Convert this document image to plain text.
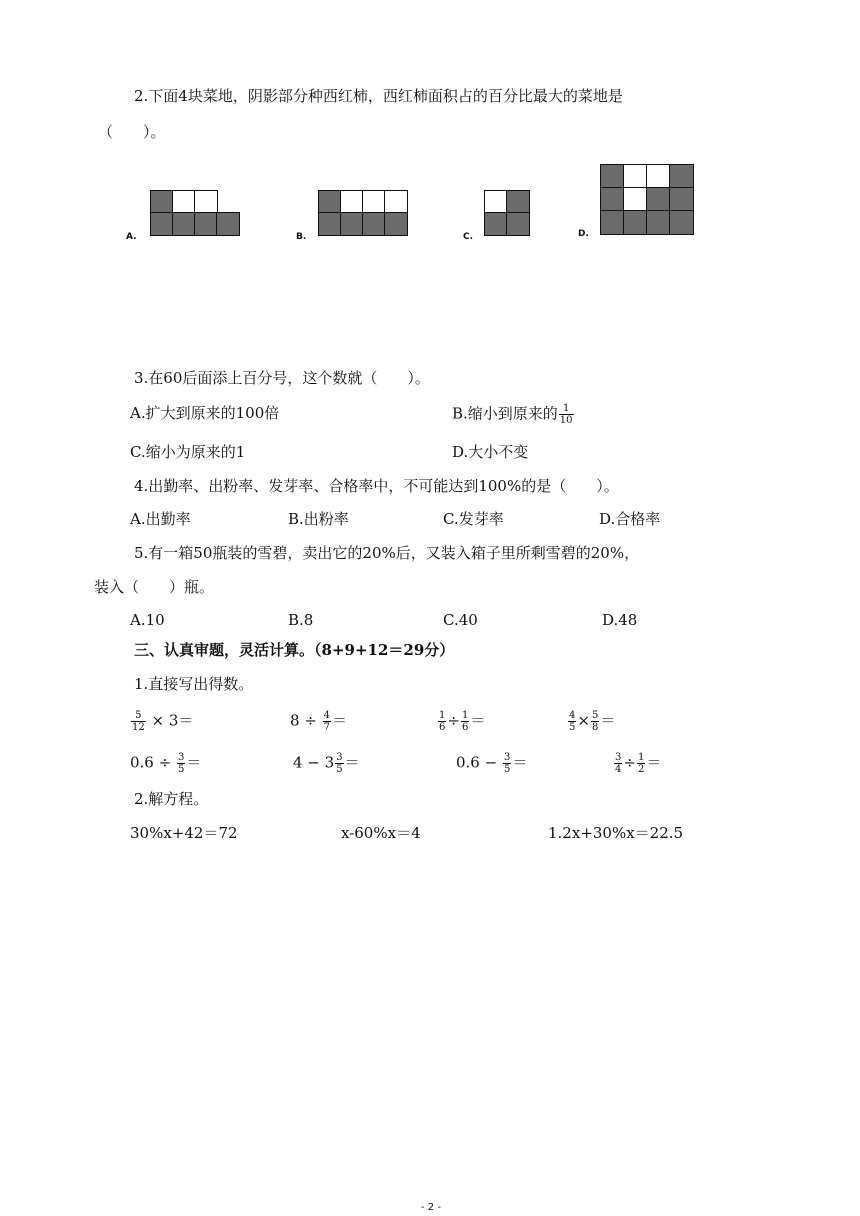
2.下面4块菜地，阴影部分种西红柿，西红柿面积占的百分比最大的菜地是
（　　）。
A.	B.	C.	D.
3.在60后面添上百分号，这个数就（　　）。
A.扩大到原来的100倍	B.缩小到原来的 $\frac{1}{10}$
C.缩小为原来的1	D.大小不变
4.出勤率、出粉率、发芽率、合格率中，不可能达到100%的是（　　）。
A.出勤率	B.出粉率	C.发芽率	D.合格率
5.有一箱50瓶装的雪碧，卖出它的20%后，又装入箱子里所剩雪碧的20%，
装入（　　）瓶。
A.10	B.8	C.40	D.48
三、认真审题，灵活计算。（8+9+12＝29分）
1.直接写出得数。
$\frac{5}{12} \times 3=$	$8 \div \frac{4}{7}$ ＝	$\frac{1}{6} \div \frac{1}{6}$ ＝	$\frac{4}{5} \times \frac{5}{8}$ ＝
$0.6 \div \frac{3}{5}$ ＝	$4 - 3 \frac{3}{5}$ ＝	$0.6 - \frac{3}{5}$ ＝	$\frac{3}{4} \div \frac{1}{2}$ ＝
2.解方程。
30%x+42＝72	x-60%x＝4	1.2x+30%x＝22.5
- 2 -
